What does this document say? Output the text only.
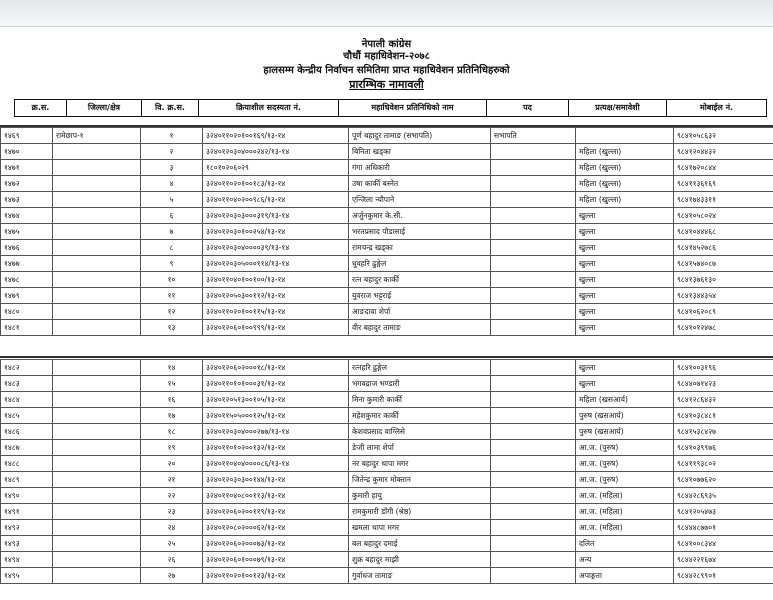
नेपाली कांग्रेस
चौधौं महाधिवेशन-२०७८
हालसम्म केन्द्रीय निर्वाचन समितिमा प्राप्त महाधिवेशन प्रतिनिधिहरुको
प्रारम्भिक नामावली
क्र.स.	जिल्ला/क्षेत्र	वि. क्र.स.	क्रियाशील सदस्यता नं.	महाधिवेशन प्रतिनिधिको नाम	पद	प्रत्यक्ष/समावेशी	मोबाईल नं.
१४६९	रामेछाप-१	१	३२४०११०२०१००१६९/१३-१४	पूर्ण बहादुर तामाङ (सभापति)	सभापति		९८४१०५८६३२
१४७०		२	३२४०१२०३०४०००२४२/१३-१४	बिनिता खड्का		महिला (खुल्ला)	९८४१२०४४३२
१४७१		३	१८०१०२०६०२९	गंगा अधिकारी		महिला (खुल्ला)	९८४१७२०८४४
१४७२		४	३२४०११०२०१००१८३/१३-१४	उषा कार्की बस्नेत		महिला (खुल्ला)	९८४११३६१६९
१४७३		५	३२४०११०४०२००९८६/१३-१४	एन्जिला न्यौपाने		महिला (खुल्ला)	९८४१७४३३११
१४७४		६	३२४०१२०३०३०००३१९/१३-१४	अर्जुनकुमार के.सी.		खुल्ला	९८४१०५८०२४
१४७५		७	३२४०१२०३०१००२५४/१३-१४	भरतप्रसाद पौडासाई		खुल्ला	९८४१०४४४६८
१४७६		८	३२४०१२०३०४००००३९/१३-१४	रामचन्द्र खड्का		खुल्ला	९८४१४५२७८६
१४७७		९	३२४०१२०३०५०००११४/१३-१४	धुवहरि ढुङ्गेल		खुल्ला	९८४१५७४०८७
१४७८		१०	३२४०११०४०१००१००/१३-१४	रत्न बहादुर कार्की		खुल्ला	९८४१३७६१३०
१४७९		११	३२४०१२०५०३००११२/१३-१४	युवराज भट्टराई		खुल्ला	९८४१३४४३५४
१४८०		१२	३२४०११०२०१००११५/१३-१४	आङदावा शेर्पा		खुल्ला	९८४१०६२०८९
१४८१		१३	३२४०१२०६०१००९९९/१३-१४	वीर बहादुर तामाङ		खुल्ला	९८४१०१२४७८
१४८२		१४	३२४०१२०६०२०००१८/१३-१४	रत्नहरि ढुङ्गेल		खुल्ला	९८४१००३१९६
१४८३		१५	३२४०११०१०१०००३१/१३-१४	भगवद्राज भण्डारी		खुल्ला	९८४४०७१४२३
१४८४		१६	३२४०१२०५१३००१०५/१३-१४	मिना कुमारी कार्की		महिला (खसआर्य)	९८४१२८६४३२
१४८५		१७	३२४०११५०५०००१२५/१३-१४	महेशकुमार कार्की		पुरुष (खसआर्य)	९८४१०३८४८१
१४८६		१८	३२४०१२०३०४०००२७७/१३-१४	केशवप्रसाद वाग्लिसे		पुरुष (खसआर्य)	९८४१५३८४२७
१४८७		१९	३२४०११०१०२००१३२/१३-१४	ङेजी लामा शेर्पा		आ.ज. (पुरुष)	९८४१०३९९७६
१४८८		२०	३२४०११०४०४००००८६/१३-१४	नर बहादुर थापा मगर		आ.ज. (पुरुष)	९८४११९३८०२
१४८९		२१	३२४०१२०३०३००१४४/१३-१४	जितेन्द्र कुमार मोक्तान		आ.ज. (पुरुष)	९८४१०७७६२०
१४९०		२२	३२४०११०४०८००११३/१३-१४	कुमारी हायु		आ.ज. (महिला)	९८४४२८६९३५
१४९१		२३	३२४०१२०६०२००११९/१३-१४	रामकुमारी डाँगी (श्रेष्ठ)		आ.ज. (महिला)	९८४१२०५४७३
१४९२		२४	३२४०१२०८०२०००६२/१३-१४	खमला थापा मगर		आ.ज. (महिला)	९८४४४८७७०१
१४९३		२५	३२४०१२०६०२०००७३/१३-१४	बल बहादुर दमाई		दलित	९८४१००८३४४
१४९४		२६	३२४०१२०६०१०००७९/१३-१४	शुक्र बहादुर माझी		अन्य	९८४४२२१६७४
१४९५		२७	३२४०११०२०१००१२३/१३-१४	गुर्वाधज तामाङ		अपाङ्गता	९८४४२८९९०१
